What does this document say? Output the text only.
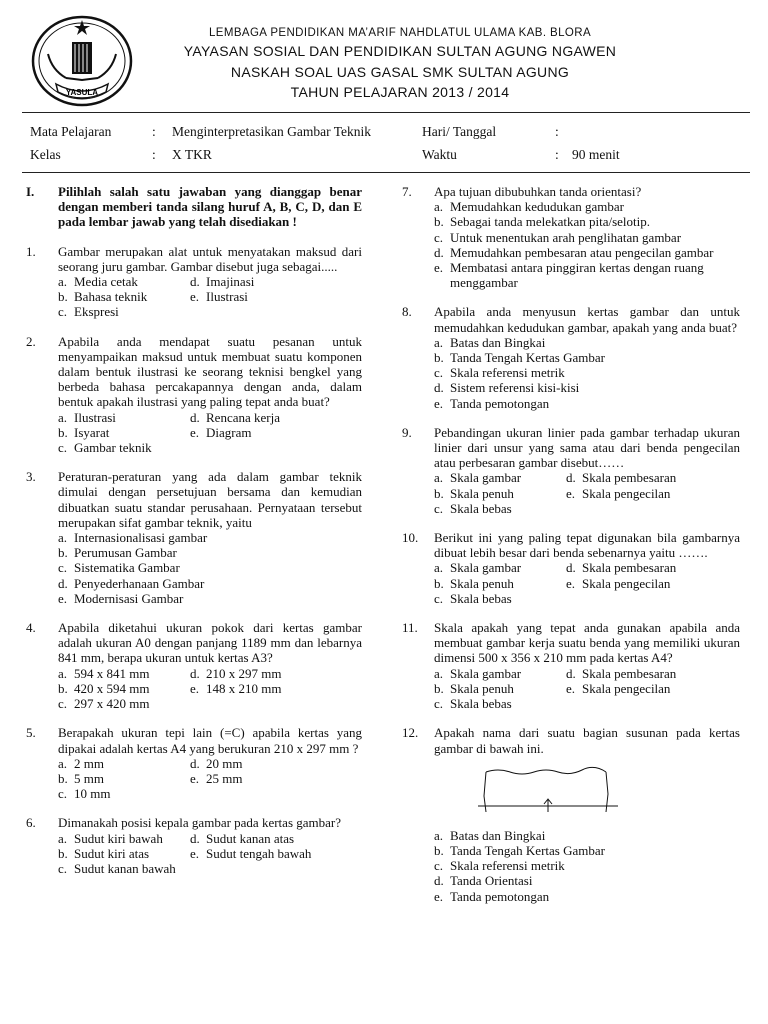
YASULA
LEMBAGA PENDIDIKAN MA’ARIF NAHDLATUL ULAMA KAB. BLORA
YAYASAN SOSIAL DAN PENDIDIKAN SULTAN AGUNG NGAWEN
NASKAH SOAL UAS GASAL SMK SULTAN AGUNG
TAHUN PELAJARAN 2013 / 2014
Mata Pelajaran	: Menginterpretasikan Gambar Teknik	Hari/ Tanggal	:
Kelas	: X TKR	Waktu	: 90 menit
I. Pilihlah salah satu jawaban yang dianggap benar dengan memberi tanda silang huruf A, B, C, D, dan E pada lembar jawab yang telah disediakan !
1. Gambar merupakan alat untuk menyatakan maksud dari seorang juru gambar. Gambar disebut juga sebagai.....
a. Media cetak	d. Imajinasi
b. Bahasa teknik	e. Ilustrasi
c. Ekspresi
2. Apabila anda mendapat suatu pesanan untuk menyampaikan maksud untuk membuat suatu komponen dalam bentuk ilustrasi ke seorang teknisi bengkel yang berbeda bahasa percakapannya dengan anda, dalam bentuk apakah ilustrasi yang paling tepat anda buat?
a. Ilustrasi	d. Rencana kerja
b. Isyarat	e. Diagram
c. Gambar teknik
3. Peraturan-peraturan yang ada dalam gambar teknik dimulai dengan persetujuan bersama dan kemudian dibuatkan suatu standar perusahaan. Pernyataan tersebut merupakan sifat gambar teknik, yaitu
a. Internasionalisasi gambar
b. Perumusan Gambar
c. Sistematika Gambar
d. Penyederhanaan Gambar
e. Modernisasi Gambar
4. Apabila diketahui ukuran pokok dari kertas gambar adalah ukuran A0 dengan panjang 1189 mm dan lebarnya 841 mm, berapa ukuran untuk kertas A3?
a. 594 x 841 mm	d. 210 x 297 mm
b. 420 x 594 mm	e. 148 x 210 mm
c. 297 x 420 mm
5. Berapakah ukuran tepi lain (=C) apabila kertas yang dipakai adalah kertas A4 yang berukuran 210 x 297 mm ?
a. 2 mm	d. 20 mm
b. 5 mm	e. 25 mm
c. 10 mm
6. Dimanakah posisi kepala gambar pada kertas gambar?
a. Sudut kiri bawah d. Sudut kanan atas
b. Sudut kiri atas	e. Sudut tengah bawah
c. Sudut kanan bawah
7. Apa tujuan dibubuhkan tanda orientasi?
a. Memudahkan kedudukan gambar
b. Sebagai tanda melekatkan pita/selotip.
c. Untuk menentukan arah penglihatan gambar
d. Memudahkan pembesaran atau pengecilan gambar
e. Membatasi antara pinggiran kertas dengan ruang menggambar
8. Apabila anda menyusun kertas gambar dan untuk memudahkan kedudukan gambar, apakah yang anda buat?
a. Batas dan Bingkai
b. Tanda Tengah Kertas Gambar
c. Skala referensi metrik
d. Sistem referensi kisi-kisi
e. Tanda pemotongan
9. Pebandingan ukuran linier pada gambar terhadap ukuran linier dari unsur yang sama atau dari benda pengecilan atau perbesaran gambar disebut……
a. Skala gambar	d. Skala pembesaran
b. Skala penuh	e. Skala pengecilan
c. Skala bebas
10. Berikut ini yang paling tepat digunakan bila gambarnya dibuat lebih besar dari benda sebenarnya yaitu …….
a. Skala gambar	d. Skala pembesaran
b. Skala penuh	e. Skala pengecilan
c. Skala bebas
11. Skala apakah yang tepat anda gunakan apabila anda membuat gambar kerja suatu benda yang memiliki ukuran dimensi 500 x 356 x 210 mm pada kertas A4?
a. Skala gambar	d. Skala pembesaran
b. Skala penuh	e. Skala pengecilan
c. Skala bebas
12. Apakah nama dari suatu bagian susunan pada kertas gambar di bawah ini.
a. Batas dan Bingkai
b. Tanda Tengah Kertas Gambar
c. Skala referensi metrik
d. Tanda Orientasi
e. Tanda pemotongan
